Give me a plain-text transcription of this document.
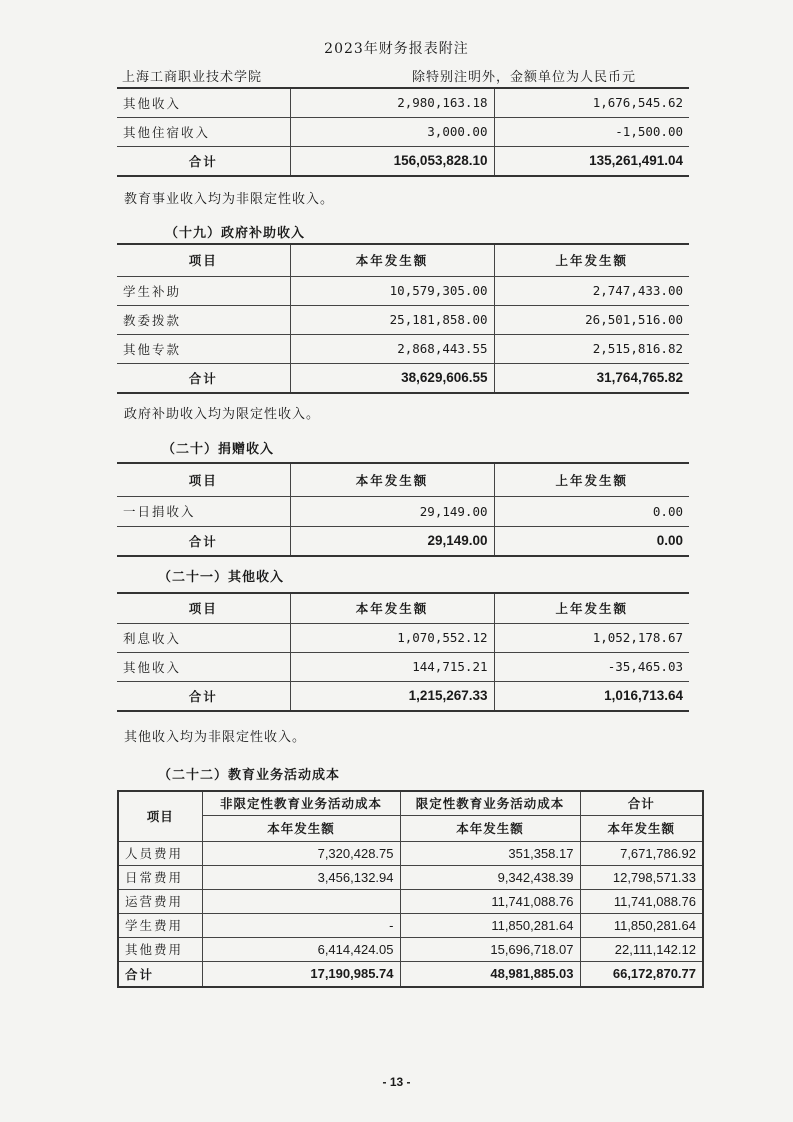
2023年财务报表附注
上海工商职业技术学院	除特别注明外，金额单位为人民币元
其他收入	2,980,163.18	1,676,545.62
其他住宿收入	3,000.00	-1,500.00
合计	156,053,828.10	135,261,491.04
教育事业收入均为非限定性收入。
（十九）政府补助收入
项目	本年发生额	上年发生额
学生补助	10,579,305.00	2,747,433.00
教委拨款	25,181,858.00	26,501,516.00
其他专款	2,868,443.55	2,515,816.82
合计	38,629,606.55	31,764,765.82
政府补助收入均为限定性收入。
（二十）捐赠收入
项目	本年发生额	上年发生额
一日捐收入	29,149.00	0.00
合计	29,149.00	0.00
（二十一）其他收入
项目	本年发生额	上年发生额
利息收入	1,070,552.12	1,052,178.67
其他收入	144,715.21	-35,465.03
合计	1,215,267.33	1,016,713.64
其他收入均为非限定性收入。
（二十二）教育业务活动成本
项目	非限定性教育业务活动成本	限定性教育业务活动成本	合计
	本年发生额	本年发生额	本年发生额
人员费用	7,320,428.75	351,358.17	7,671,786.92
日常费用	3,456,132.94	9,342,438.39	12,798,571.33
运营费用		11,741,088.76	11,741,088.76
学生费用	-	11,850,281.64	11,850,281.64
其他费用	6,414,424.05	15,696,718.07	22,111,142.12
合计	17,190,985.74	48,981,885.03	66,172,870.77
- 13 -
